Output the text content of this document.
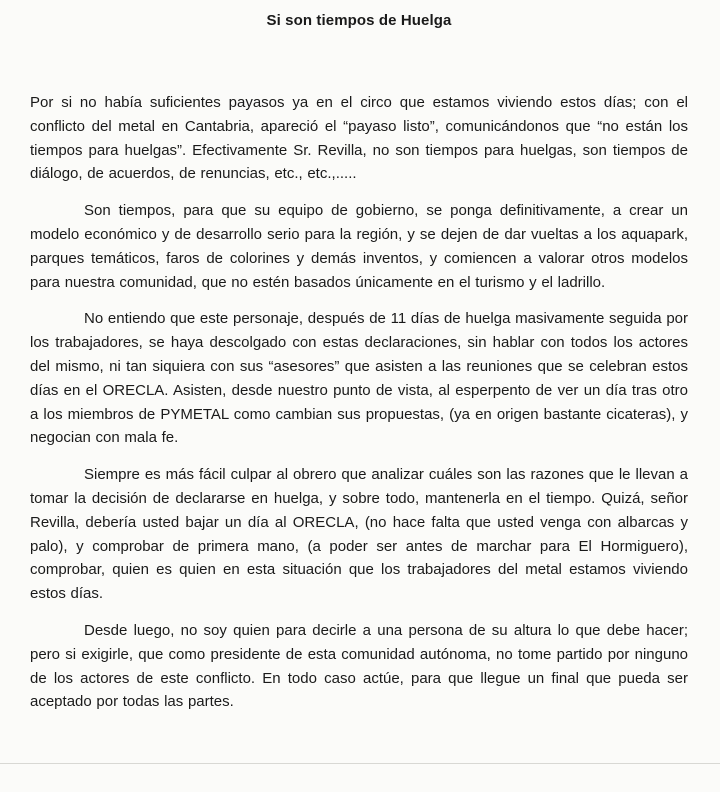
Si son tiempos de Huelga

Por si no había suficientes payasos ya en el circo que estamos viviendo estos días; con el conflicto del metal en Cantabria, apareció el “payaso listo”, comunicándonos que “no están los tiempos para huelgas”. Efectivamente Sr. Revilla, no son tiempos para huelgas, son tiempos de diálogo, de acuerdos, de renuncias, etc., etc.,.....

Son tiempos, para que su equipo de gobierno, se ponga definitivamente, a crear un modelo económico y de desarrollo serio para la región, y se dejen de dar vueltas a los aquapark, parques temáticos, faros de colorines y demás inventos, y comiencen a valorar otros modelos para nuestra comunidad, que no estén basados únicamente en el turismo y el ladrillo.

No entiendo que este personaje, después de 11 días de huelga masivamente seguida por los trabajadores, se haya descolgado con estas declaraciones, sin hablar con todos los actores del mismo, ni tan siquiera con sus “asesores” que asisten a las reuniones que se celebran estos días en el ORECLA. Asisten, desde nuestro punto de vista, al esperpento de ver un día tras otro a los miembros de PYMETAL como cambian sus propuestas, (ya en origen bastante cicateras), y negocian con mala fe.

Siempre es más fácil culpar al obrero que analizar cuáles son las razones que le llevan a tomar la decisión de declararse en huelga, y sobre todo, mantenerla en el tiempo. Quizá, señor Revilla, debería usted bajar un día al ORECLA, (no hace falta que usted venga con albarcas y palo), y comprobar de primera mano, (a poder ser antes de marchar para El Hormiguero), comprobar, quien es quien en esta situación que los trabajadores del metal estamos viviendo estos días.

Desde luego, no soy quien para decirle a una persona de su altura lo que debe hacer; pero si exigirle, que como presidente de esta comunidad autónoma, no tome partido por ninguno de los actores de este conflicto. En todo caso actúe, para que llegue un final que pueda ser aceptado por todas las partes.
